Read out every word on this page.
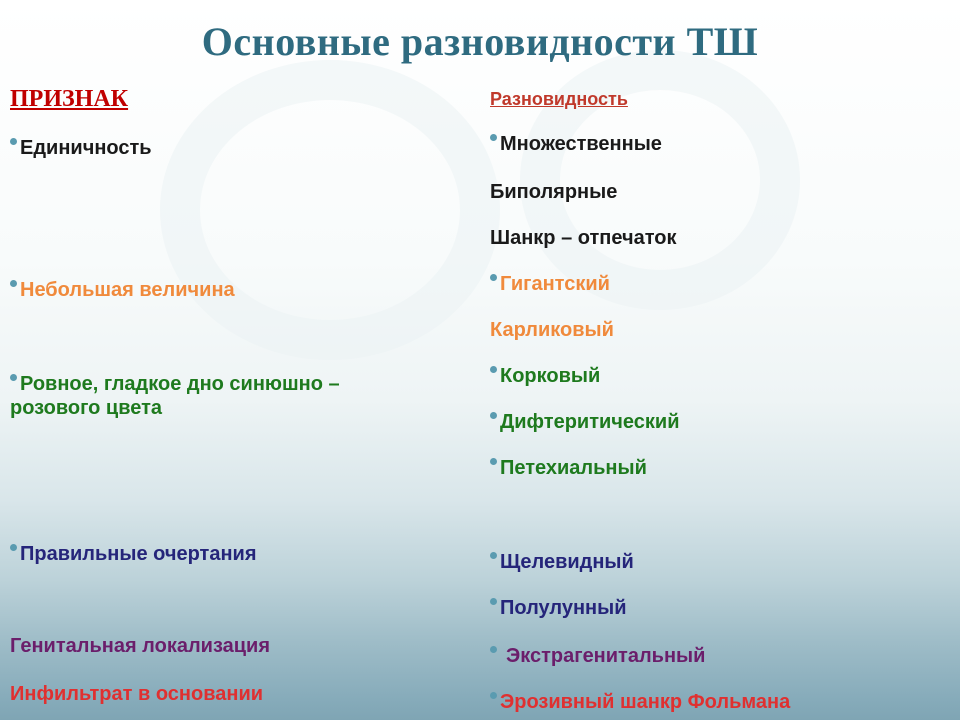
Основные разновидности ТШ
ПРИЗНАК
Единичность
Небольшая величина
Ровное, гладкое дно синюшно –
розового цвета
Правильные очертания
Генитальная локализация
Инфильтрат в основании
Разновидность
Множественные
Биполярные
Шанкр – отпечаток
Гигантский
Карликовый
Корковый
Дифтеритический
Петехиальный
Щелевидный
Полулунный
Экстрагенитальный
Эрозивный шанкр Фольмана
